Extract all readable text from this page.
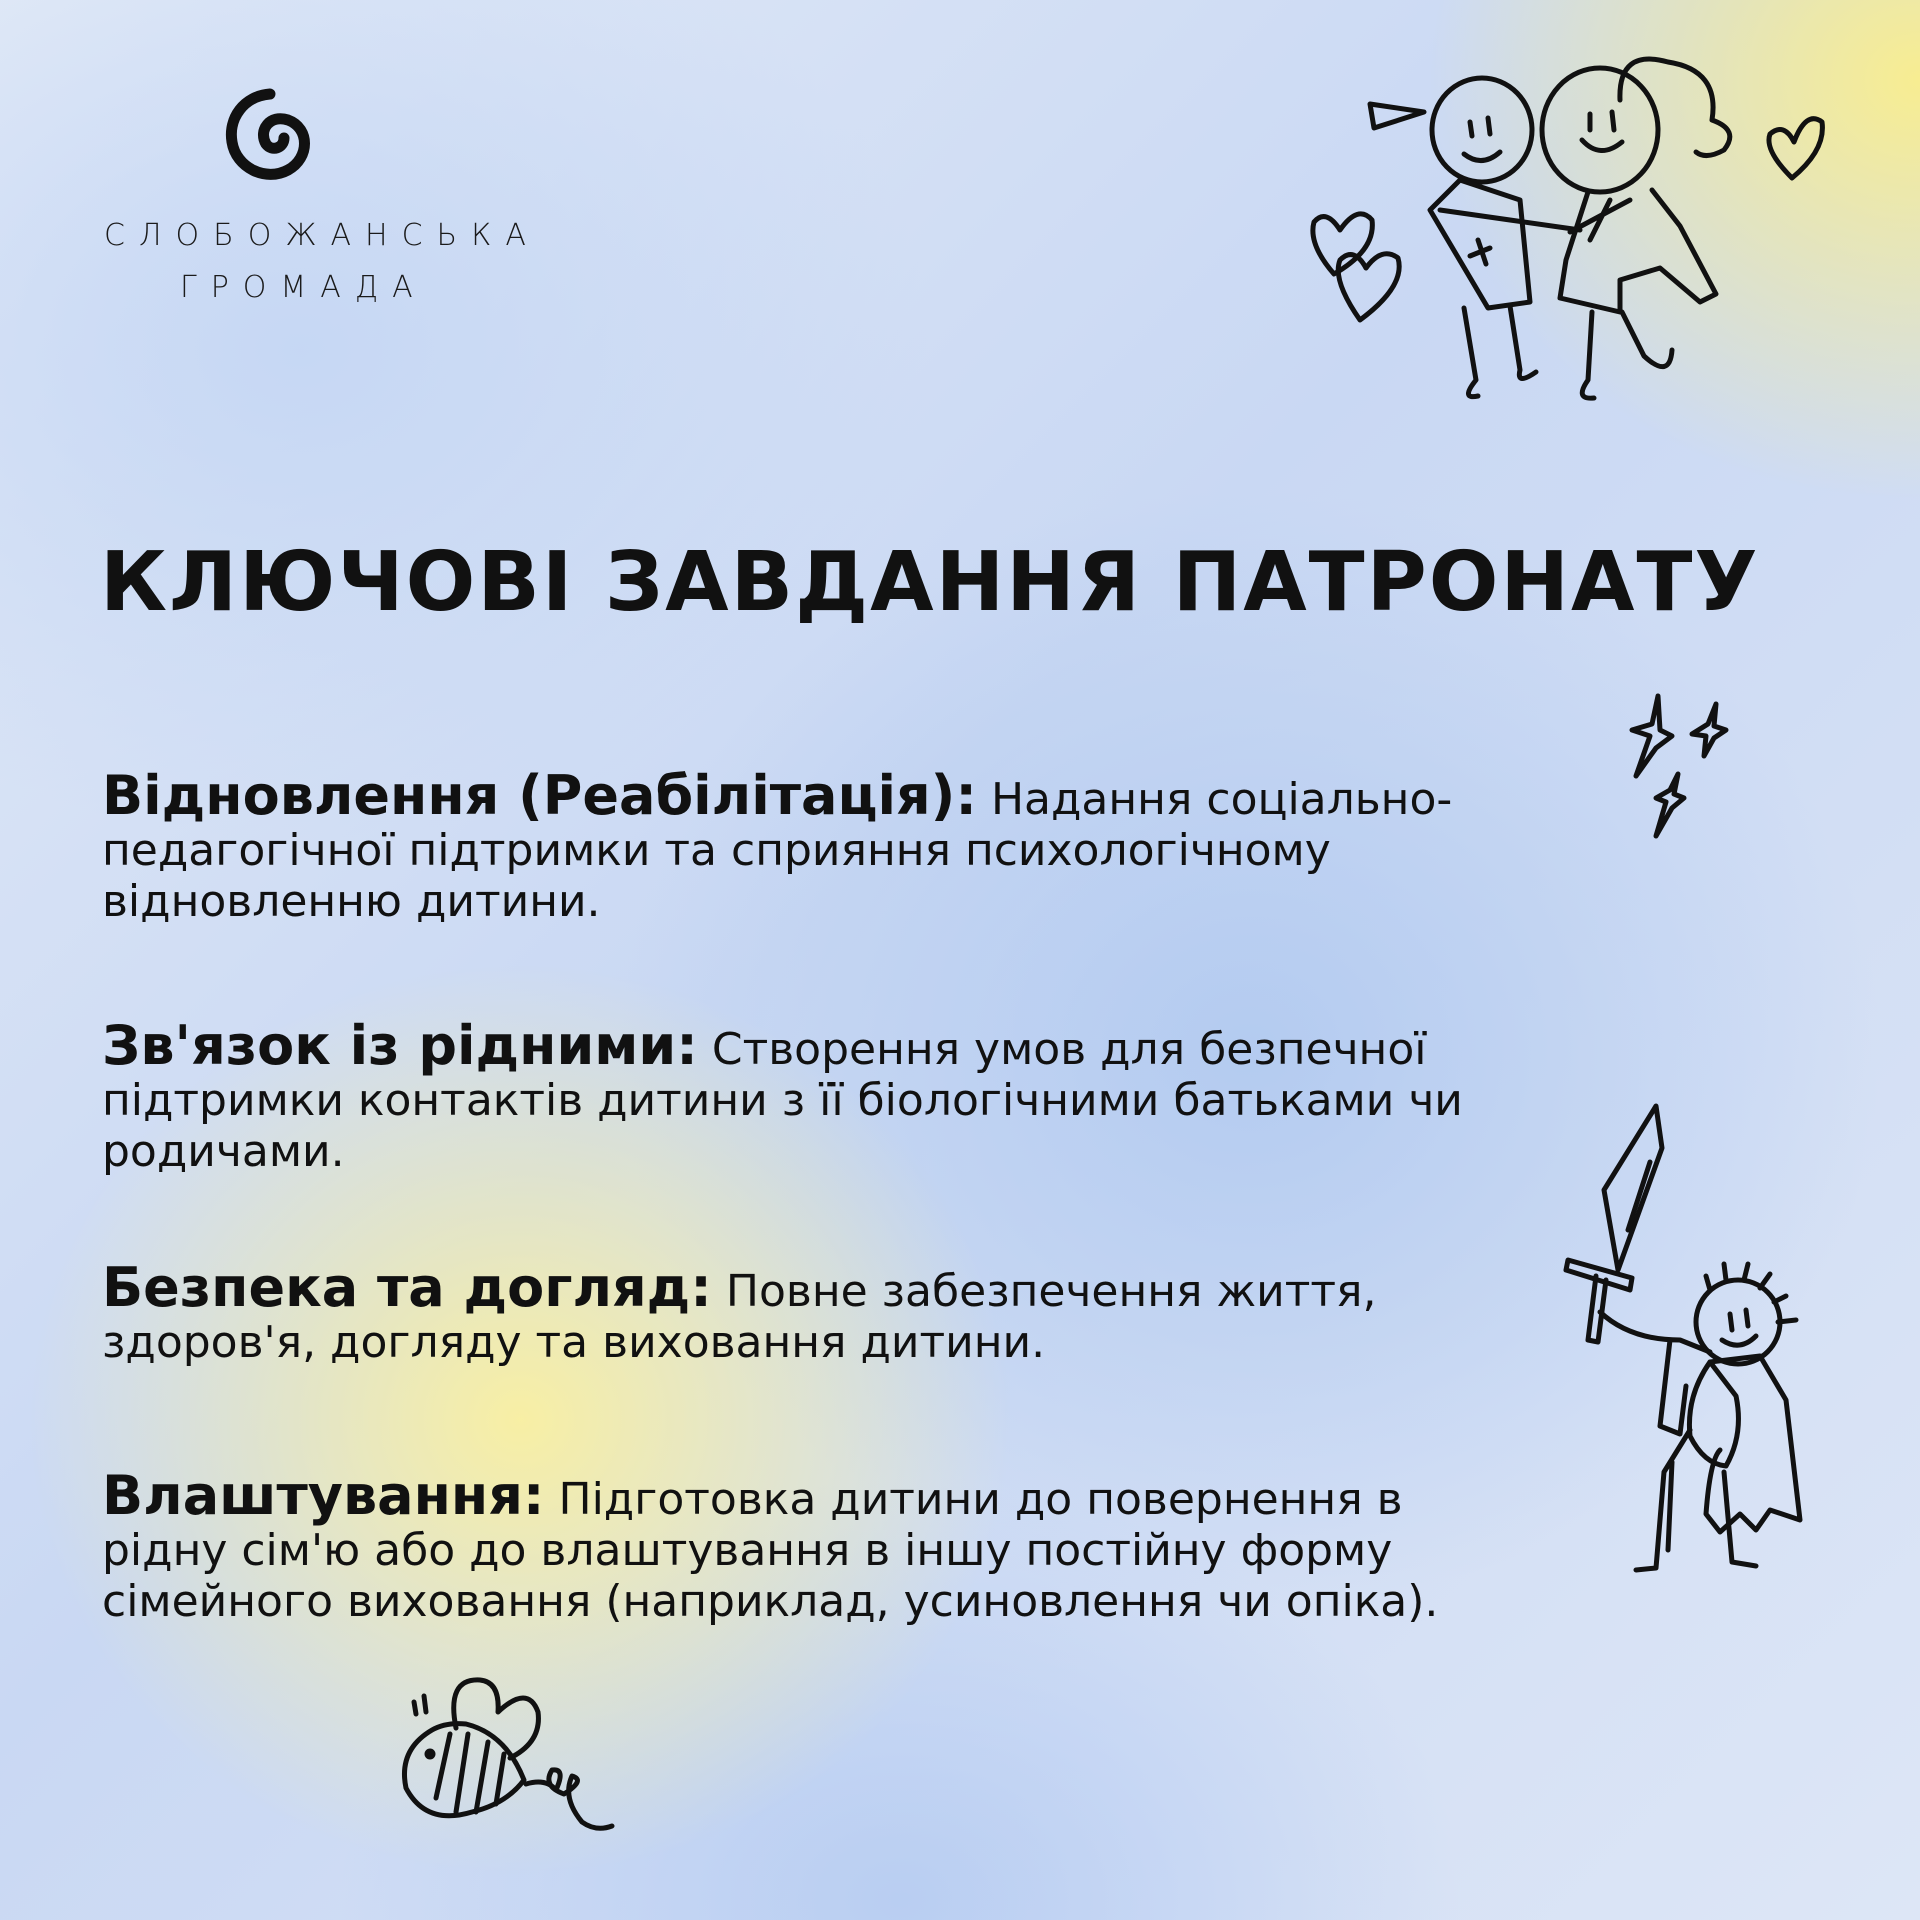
СЛОБОЖАНСЬКА
ГРОМАДА
КЛЮЧОВІ ЗАВДАННЯ ПАТРОНАТУ
Відновлення (Реабілітація): Надання соціально-педагогічної підтримки та сприяння психологічному відновленню дитини.
Зв'язок із рідними: Створення умов для безпечної підтримки контактів дитини з її біологічними батьками чи родичами.
Безпека та догляд: Повне забезпечення життя, здоров'я, догляду та виховання дитини.
Влаштування: Підготовка дитини до повернення в рідну сім'ю або до влаштування в іншу постійну форму сімейного виховання (наприклад, усиновлення чи опіка).
